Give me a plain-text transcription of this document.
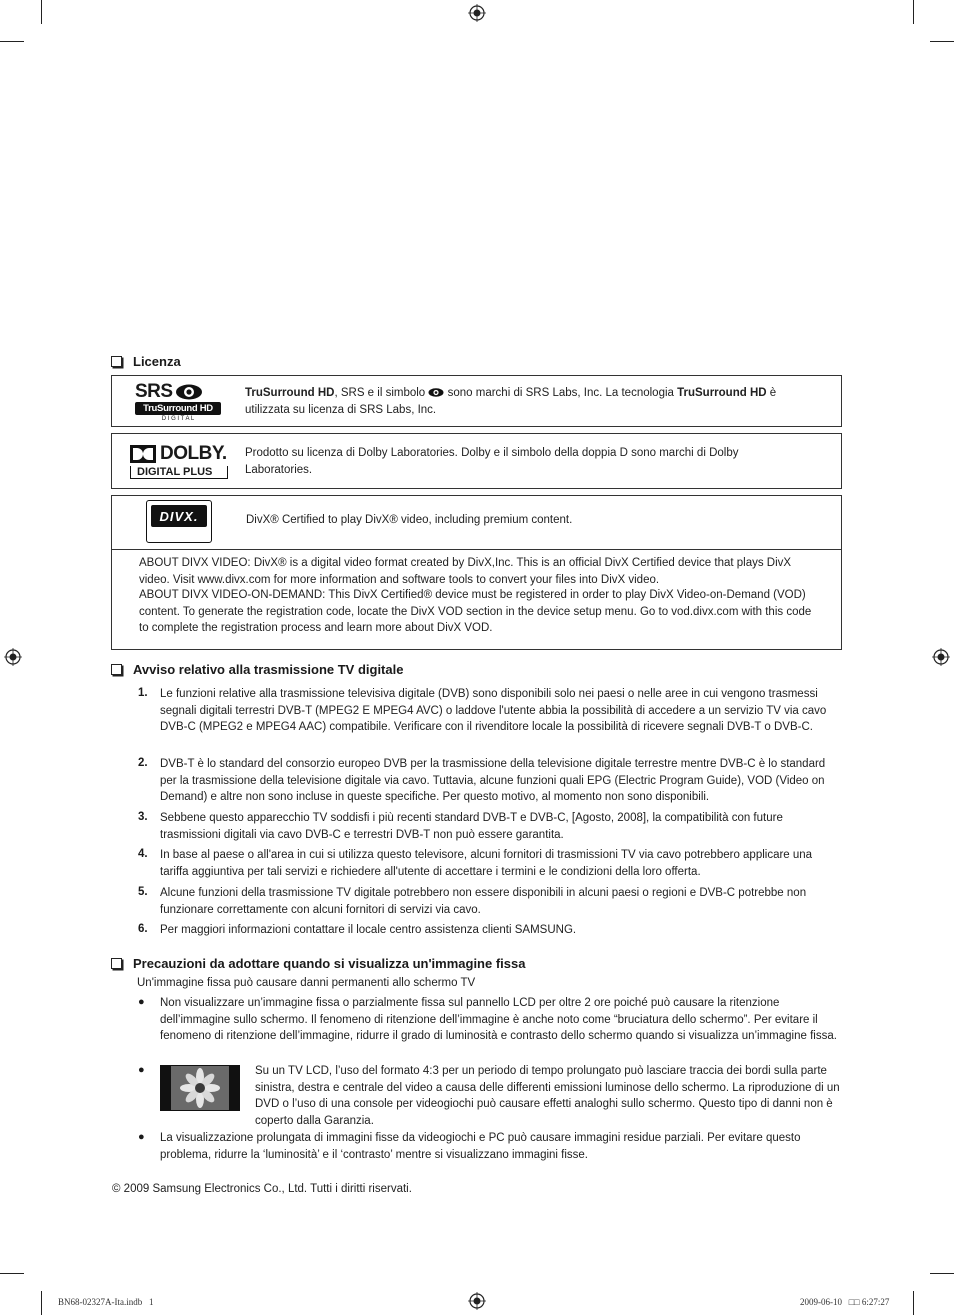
Licenza
SRS
TruSurround HD
D I G I T A L
TruSurround HD, SRS e il simbolo sono marchi di SRS Labs, Inc. La tecnologia TruSurround HD è
utilizzata su licenza di SRS Labs, Inc.
DOLBY.
DIGITAL PLUS
Prodotto su licenza di Dolby Laboratories. Dolby e il simbolo della doppia D sono marchi di Dolby Laboratories.
DIVX.	DivX® Certified to play DivX® video, including premium content.
ABOUT DIVX VIDEO: DivX® is a digital video format created by DivX,Inc. This is an official DivX Certified device that plays DivX video. Visit www.divx.com for more information and software tools to convert your files into DivX video.
ABOUT DIVX VIDEO-ON-DEMAND: This DivX Certified® device must be registered in order to play DivX Video-on-Demand (VOD) content. To generate the registration code, locate the DivX VOD section in the device setup menu. Go to vod.divx.com with this code to complete the registration process and learn more about DivX VOD.
Avviso relativo alla trasmissione TV digitale
1. Le funzioni relative alla trasmissione televisiva digitale (DVB) sono disponibili solo nei paesi o nelle aree in cui vengono trasmessi segnali digitali terrestri DVB-T (MPEG2 E MPEG4 AVC) o laddove l'utente abbia la possibilità di accedere a un servizio TV via cavo DVB-C (MPEG2 e MPEG4 AAC) compatibile. Verificare con il rivenditore locale la possibilità di ricevere segnali DVB-T o DVB-C.
2. DVB-T è lo standard del consorzio europeo DVB per la trasmissione della televisione digitale terrestre mentre DVB-C è lo standard per la trasmissione della televisione digitale via cavo. Tuttavia, alcune funzioni quali EPG (Electric Program Guide), VOD (Video on Demand) e altre non sono incluse in queste specifiche. Per questo motivo, al momento non sono disponibili.
3. Sebbene questo apparecchio TV soddisfi i più recenti standard DVB-T e DVB-C, [Agosto, 2008], la compatibilità con future trasmissioni digitali via cavo DVB-C e terrestri DVB-T non può essere garantita.
4. In base al paese o all'area in cui si utilizza questo televisore, alcuni fornitori di trasmissioni TV via cavo potrebbero applicare una tariffa aggiuntiva per tali servizi e richiedere all'utente di accettare i termini e le condizioni della loro offerta.
5. Alcune funzioni della trasmissione TV digitale potrebbero non essere disponibili in alcuni paesi o regioni e DVB-C potrebbe non funzionare correttamente con alcuni fornitori di servizi via cavo.
6. Per maggiori informazioni contattare il locale centro assistenza clienti SAMSUNG.
Precauzioni da adottare quando si visualizza un'immagine fissa
Un'immagine fissa può causare danni permanenti allo schermo TV
● Non visualizzare un’immagine fissa o parzialmente fissa sul pannello LCD per oltre 2 ore poiché può causare la ritenzione dell’immagine sullo schermo. Il fenomeno di ritenzione dell’immagine è anche noto come “bruciatura dello schermo”. Per evitare il fenomeno di ritenzione dell’immagine, ridurre il grado di luminosità e contrasto dello schermo quando si visualizza un’immagine fissa.
●	Su un TV LCD, l’uso del formato 4:3 per un periodo di tempo prolungato può lasciare traccia dei bordi sulla parte sinistra, destra e centrale del video a causa delle differenti emissioni luminose dello schermo. La riproduzione di un DVD o l’uso di una console per videogiochi può causare effetti analoghi sullo schermo. Questo tipo di danni non è coperto dalla Garanzia.
● La visualizzazione prolungata di immagini fisse da videogiochi e PC può causare immagini residue parziali. Per evitare questo problema, ridurre la ‘luminosità’ e il ‘contrasto’ mentre si visualizzano immagini fisse.
© 2009 Samsung Electronics Co., Ltd. Tutti i diritti riservati.
BN68-02327A-Ita.indb   1	2009-06-10   □□ 6:27:27
